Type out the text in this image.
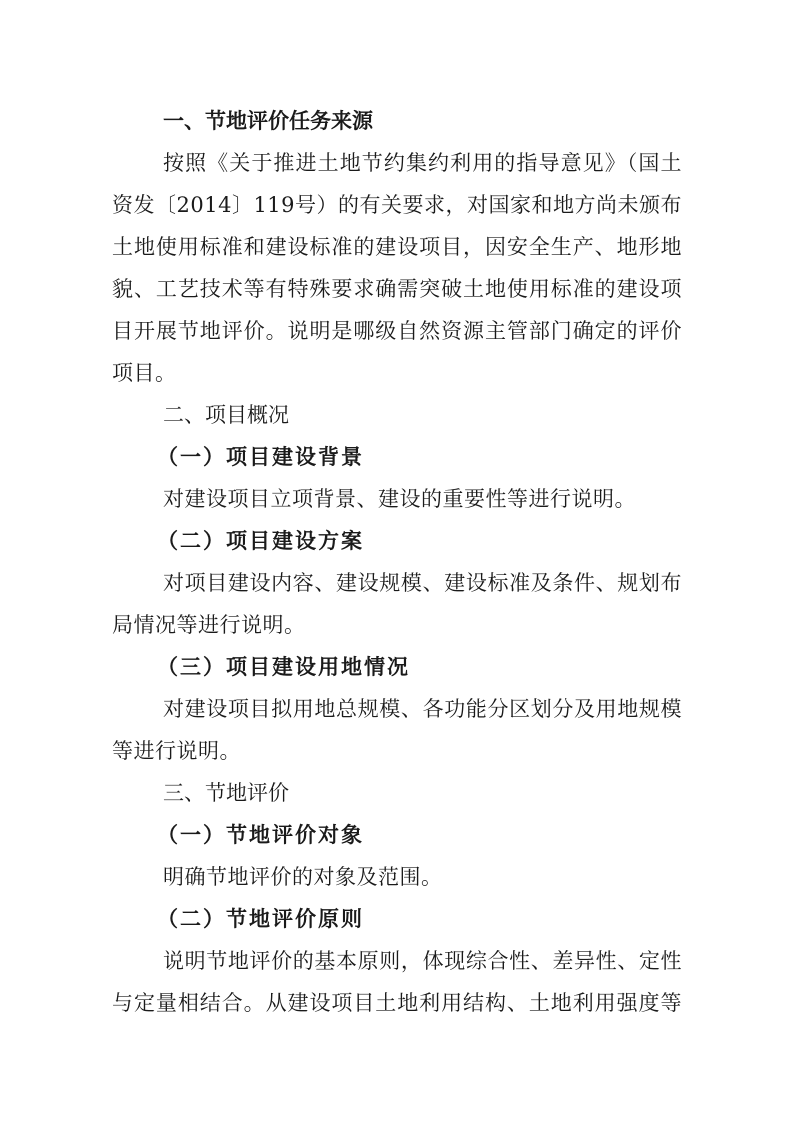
一、节地评价任务来源
按照《关于推进土地节约集约利用的指导意见》（国土
资发〔2014〕119号）的有关要求，对国家和地方尚未颁布
土地使用标准和建设标准的建设项目，因安全生产、地形地
貌、工艺技术等有特殊要求确需突破土地使用标准的建设项
目开展节地评价。说明是哪级自然资源主管部门确定的评价
项目。
二、项目概况
（一）项目建设背景
对建设项目立项背景、建设的重要性等进行说明。
（二）项目建设方案
对项目建设内容、建设规模、建设标准及条件、规划布
局情况等进行说明。
（三）项目建设用地情况
对建设项目拟用地总规模、各功能分区划分及用地规模
等进行说明。
三、节地评价
（一）节地评价对象
明确节地评价的对象及范围。
（二）节地评价原则
说明节地评价的基本原则，体现综合性、差异性、定性
与定量相结合。从建设项目土地利用结构、土地利用强度等
